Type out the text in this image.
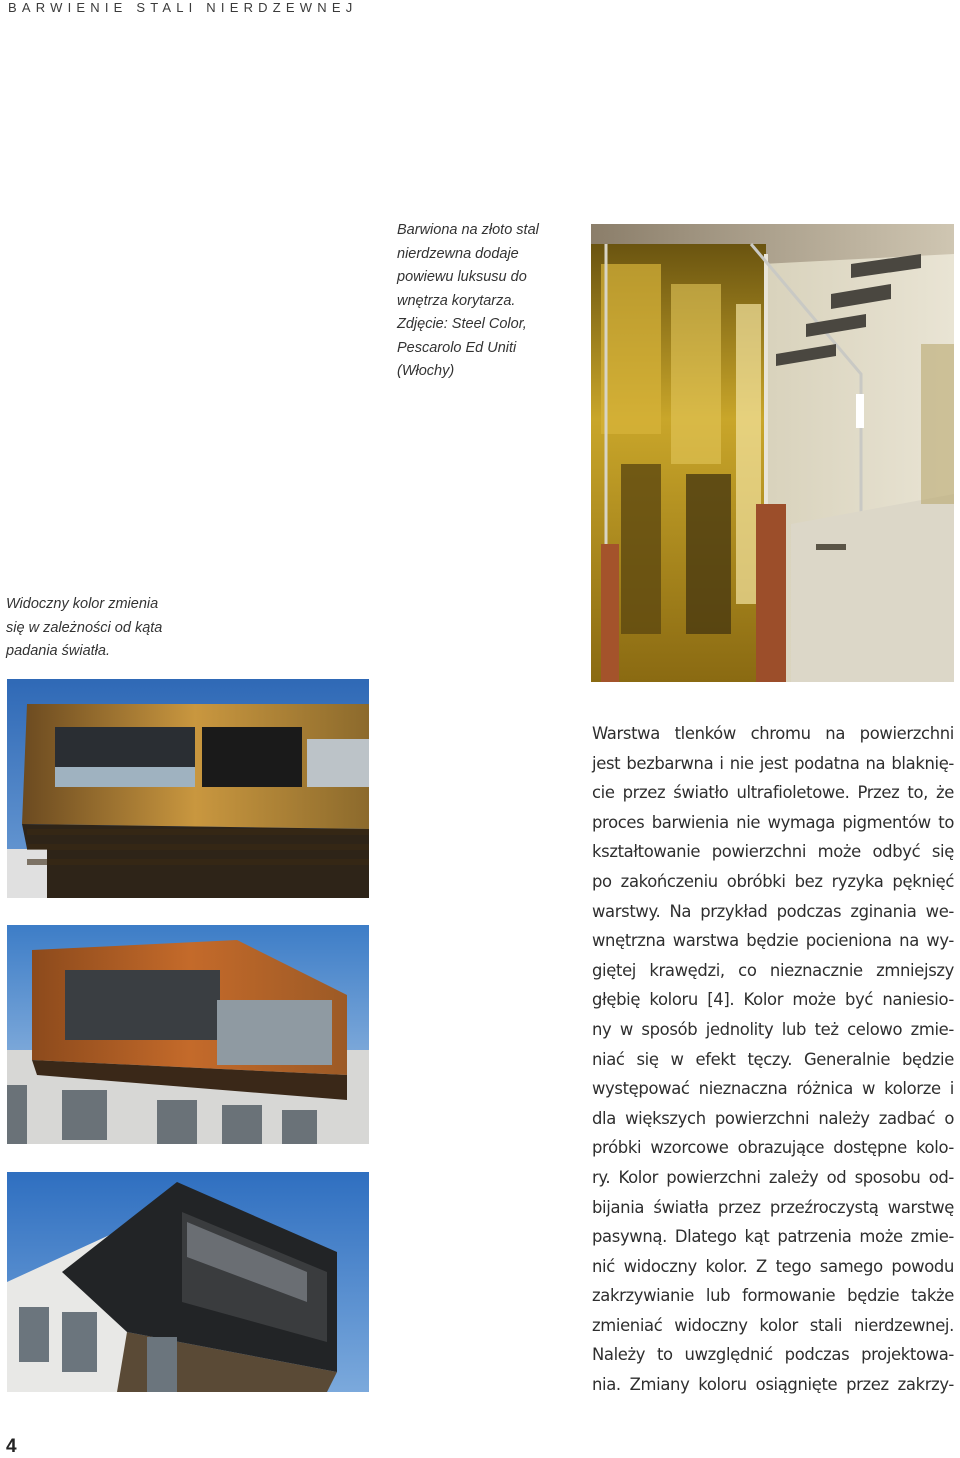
BARWIENIE STALI NIERDZEWNEJ
Barwiona na złoto stal
nierdzewna dodaje
powiewu luksusu do
wnętrza korytarza.
Zdjęcie: Steel Color,
Pescarolo Ed Uniti
(Włochy)
Widoczny kolor zmienia
się w zależności od kąta
padania światła.
Warstwa tlenków chromu na powierzchni
jest bezbarwna i nie jest podatna na blaknię-
cie przez światło ultrafioletowe. Przez to, że
proces barwienia nie wymaga pigmentów to
kształtowanie powierzchni może odbyć się
po zakończeniu obróbki bez ryzyka pęknięć
warstwy. Na przykład podczas zginania we-
wnętrzna warstwa będzie pocieniona na wy-
giętej krawędzi, co nieznacznie zmniejszy
głębię koloru [4]. Kolor może być naniesio-
ny w sposób jednolity lub też celowo zmie-
niać się w efekt tęczy. Generalnie będzie
występować nieznaczna różnica w kolorze i
dla większych powierzchni należy zadbać o
próbki wzorcowe obrazujące dostępne kolo-
ry. Kolor powierzchni zależy od sposobu od-
bijania światła przez przeźroczystą warstwę
pasywną. Dlatego kąt patrzenia może zmie-
nić widoczny kolor. Z tego samego powodu
zakrzywianie lub formowanie będzie także
zmieniać widoczny kolor stali nierdzewnej.
Należy to uwzględnić podczas projektowa-
nia. Zmiany koloru osiągnięte przez zakrzy-
4
